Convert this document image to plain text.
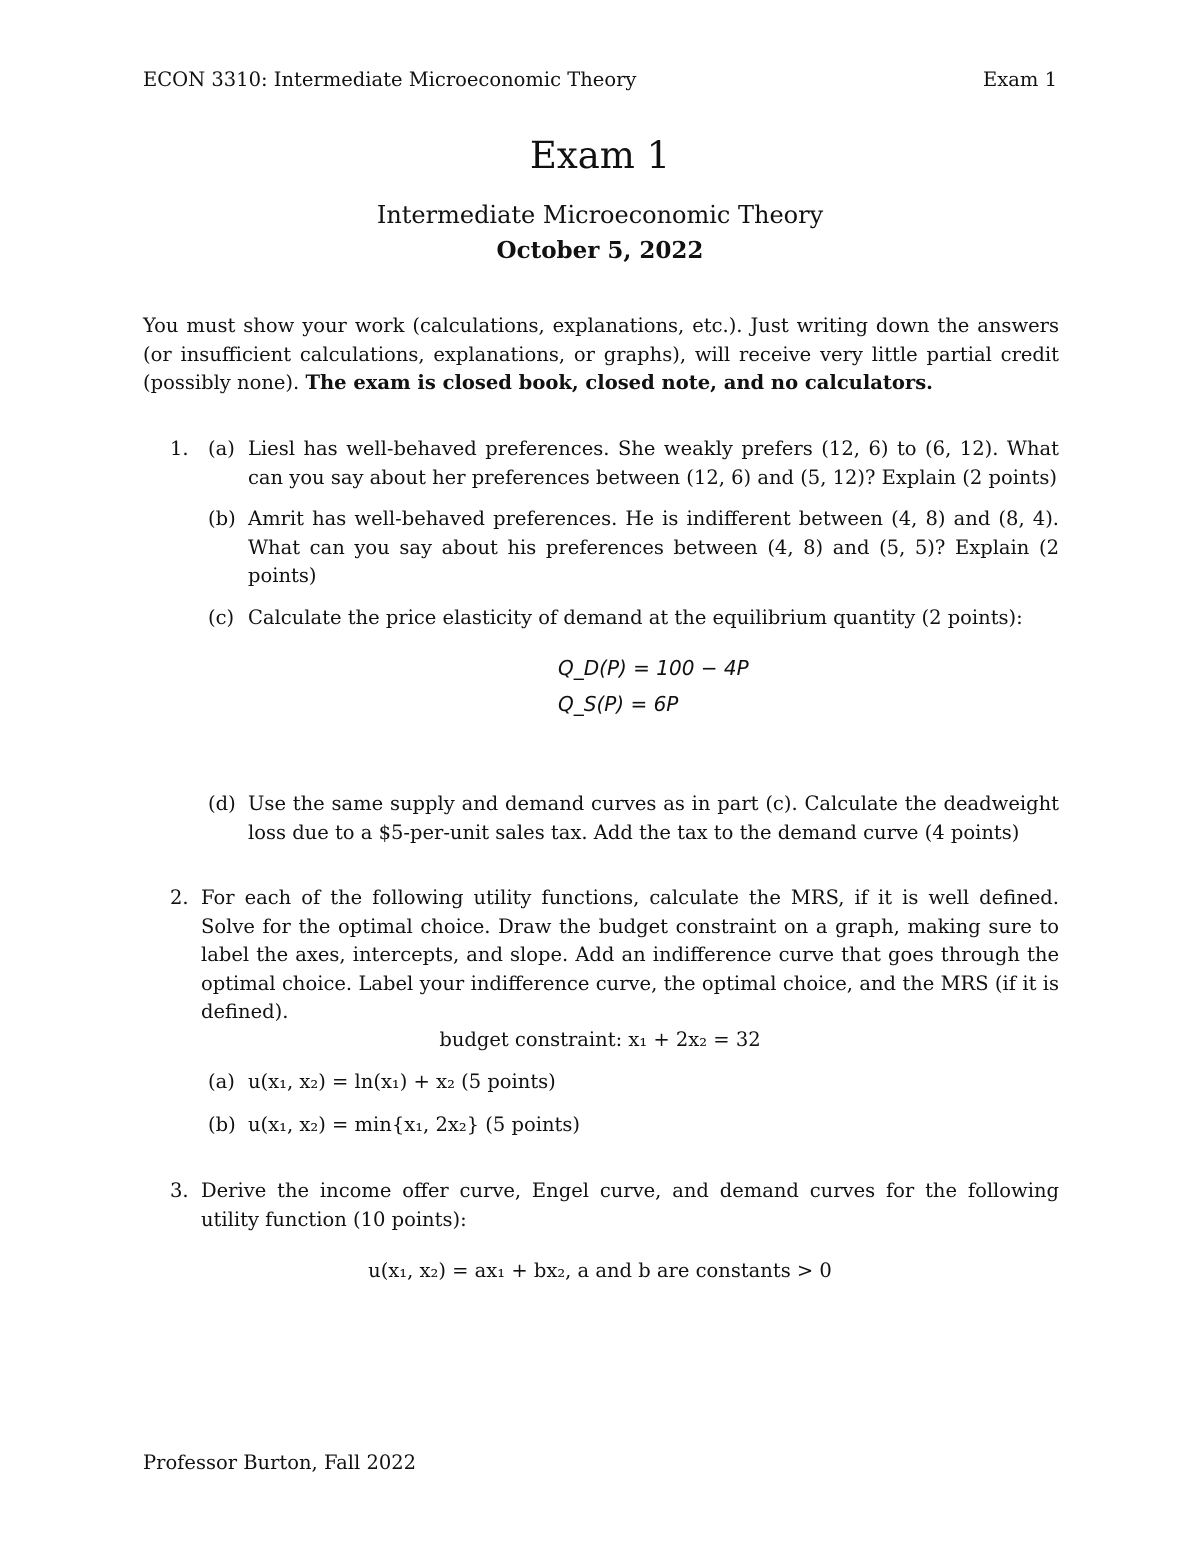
ECON 3310: Intermediate Microeconomic Theory	Exam 1
Exam 1
Intermediate Microeconomic Theory
October 5, 2022

You must show your work (calculations, explanations, etc.). Just writing down the answers (or insufficient calculations, explanations, or graphs), will receive very little partial credit (possibly none). The exam is closed book, closed note, and no calculators.

1. (a) Liesl has well-behaved preferences. She weakly prefers (12, 6) to (6, 12). What can you say about her preferences between (12, 6) and (5, 12)? Explain (2 points)

(b) Amrit has well-behaved preferences. He is indifferent between (4, 8) and (8, 4). What can you say about his preferences between (4, 8) and (5, 5)? Explain (2 points)

(c) Calculate the price elasticity of demand at the equilibrium quantity (2 points):

Q_D(P) = 100 − 4P
Q_S(P) = 6P
(d) Use the same supply and demand curves as in part (c). Calculate the deadweight loss due to a $5-per-unit sales tax. Add the tax to the demand curve (4 points)

2. For each of the following utility functions, calculate the MRS, if it is well defined. Solve for the optimal choice. Draw the budget constraint on a graph, making sure to label the axes, intercepts, and slope. Add an indifference curve that goes through the optimal choice. Label your indifference curve, the optimal choice, and the MRS (if it is defined).

budget constraint: x₁ + 2x₂ = 32
(a) u(x₁, x₂) = ln(x₁) + x₂ (5 points)
(b) u(x₁, x₂) = min{x₁, 2x₂} (5 points)
3. Derive the income offer curve, Engel curve, and demand curves for the following utility function (10 points):

u(x₁, x₂) = ax₁ + bx₂, a and b are constants > 0
Professor Burton, Fall 2022
